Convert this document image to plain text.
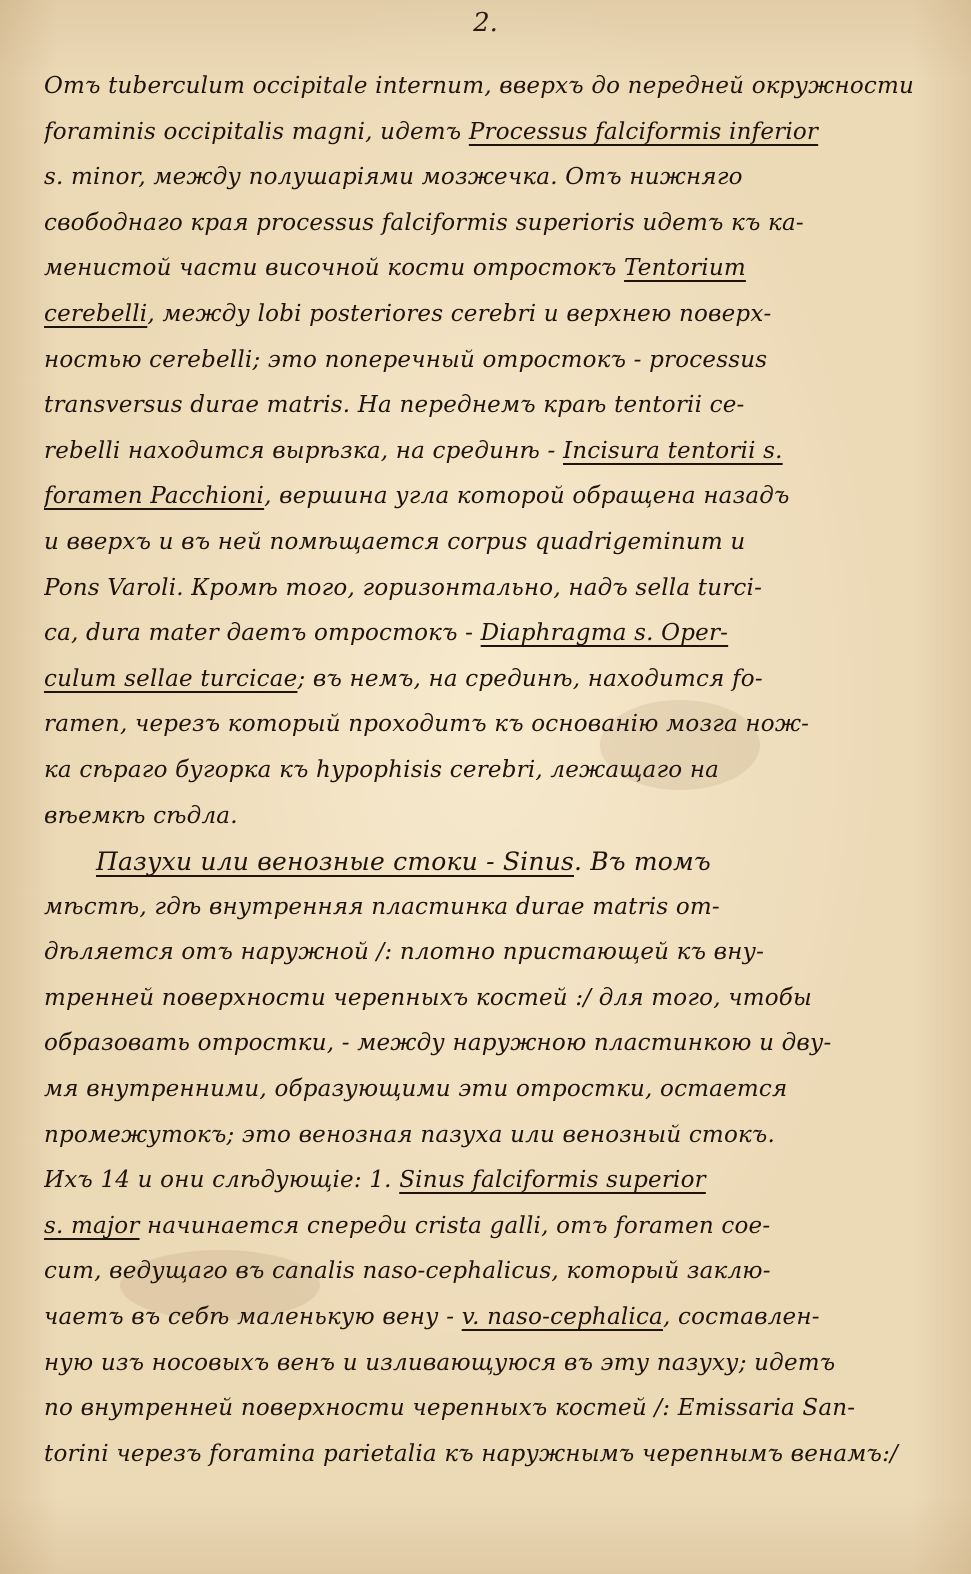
2.
Отъ tuberculum occipitale internum, вверхъ до передней окружности
foraminis occipitalis magni, идетъ Processus falciformis inferior
s. minor, между полушаріями мозжечка. Отъ нижняго
свободнаго края processus falciformis superioris идетъ къ ка-
менистой части височной кости отростокъ Tentorium
cerebelli, между lobi posteriores cerebri и верхнею поверх-
ностью cerebelli; это поперечный отростокъ - processus
transversus durae matris. На переднемъ краѣ tentorii ce-
rebelli находится вырѣзка, на срединѣ - Incisura tentorii s.
foramen Pacchioni, вершина угла которой обращена назадъ
и вверхъ и въ ней помѣщается corpus quadrigeminum и
Pons Varoli. Кромѣ того, горизонтально, надъ sella turci-
ca, dura mater даетъ отростокъ - Diaphragma s. Oper-
culum sellae turcicae; въ немъ, на срединѣ, находится fo-
ramen, черезъ который проходитъ къ основанію мозга нож-
ка сѣраго бугорка къ hypophisis cerebri, лежащаго на
вѣемкѣ сѣдла.
Пазухи или венозные стоки - Sinus. Въ томъ
мѣстѣ, гдѣ внутренняя пластинка durae matris от-
дѣляется отъ наружной /: плотно пристающей къ вну-
тренней поверхности черепныхъ костей :/ для того, чтобы
образовать отростки, - между наружною пластинкою и дву-
мя внутренними, образующими эти отростки, остается
промежутокъ; это венозная пазуха или венозный стокъ.
Ихъ 14 и они слѣдующіе: 1. Sinus falciformis superior
s. major начинается спереди crista galli, отъ foramen coe-
cum, ведущаго въ canalis naso-cephalicus, который заклю-
чаетъ въ себѣ маленькую вену - v. naso-cephalica, составлен-
ную изъ носовыхъ венъ и изливающуюся въ эту пазуху; идетъ
по внутренней поверхности черепныхъ костей /: Emissaria San-
torini черезъ foramina parietalia къ наружнымъ черепнымъ венамъ:/
